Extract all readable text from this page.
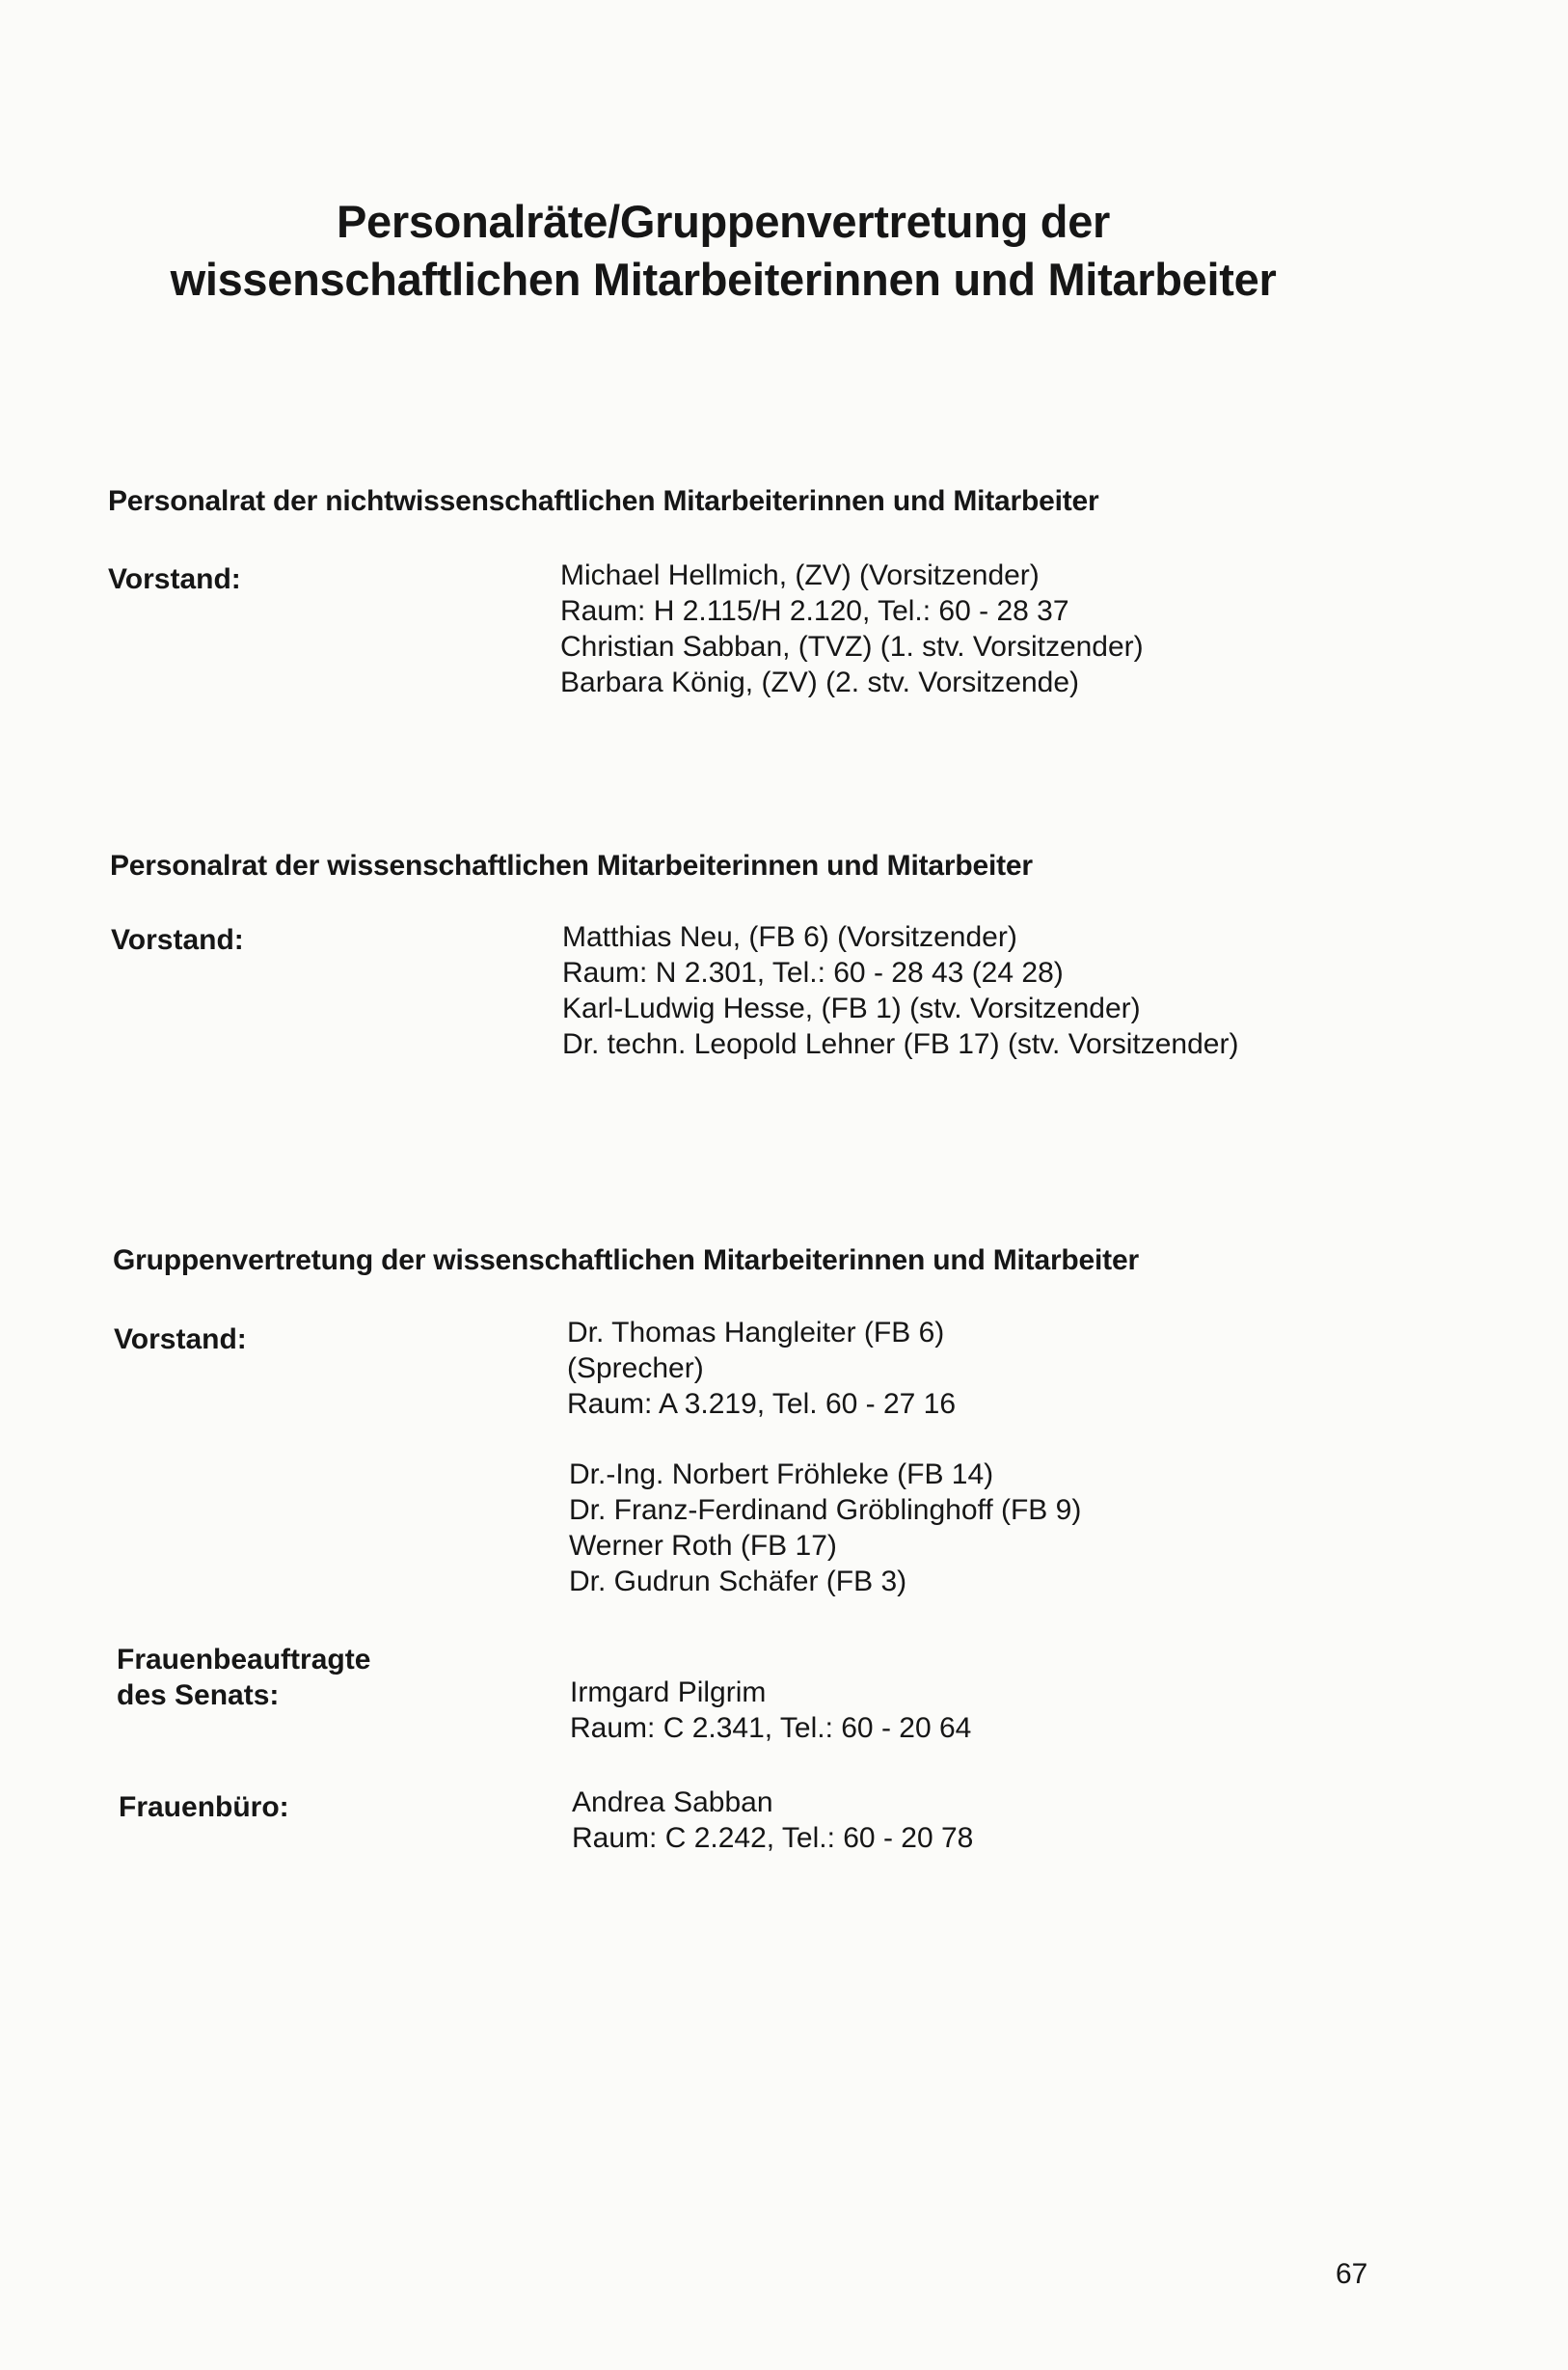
Personalräte/Gruppenvertretung der
wissenschaftlichen Mitarbeiterinnen und Mitarbeiter
Personalrat der nichtwissenschaftlichen Mitarbeiterinnen und Mitarbeiter
Vorstand:	Michael Hellmich, (ZV) (Vorsitzender)
Raum: H 2.115/H 2.120, Tel.: 60 - 28 37
Christian Sabban, (TVZ) (1. stv. Vorsitzender)
Barbara König, (ZV) (2. stv. Vorsitzende)
Personalrat der wissenschaftlichen Mitarbeiterinnen und Mitarbeiter
Vorstand:	Matthias Neu, (FB 6) (Vorsitzender)
Raum: N 2.301, Tel.: 60 - 28 43 (24 28)
Karl-Ludwig Hesse, (FB 1) (stv. Vorsitzender)
Dr. techn. Leopold Lehner (FB 17) (stv. Vorsitzender)
Gruppenvertretung der wissenschaftlichen Mitarbeiterinnen und Mitarbeiter
Vorstand:	Dr. Thomas Hangleiter (FB 6)
(Sprecher)
Raum: A 3.219, Tel. 60 - 27 16
Dr.-Ing. Norbert Fröhleke (FB 14)
Dr. Franz-Ferdinand Gröblinghoff (FB 9)
Werner Roth (FB 17)
Dr. Gudrun Schäfer (FB 3)
Frauenbeauftragte
des Senats:	Irmgard Pilgrim
Raum: C 2.341, Tel.: 60 - 20 64
Frauenbüro:	Andrea Sabban
Raum: C 2.242, Tel.: 60 - 20 78
67
